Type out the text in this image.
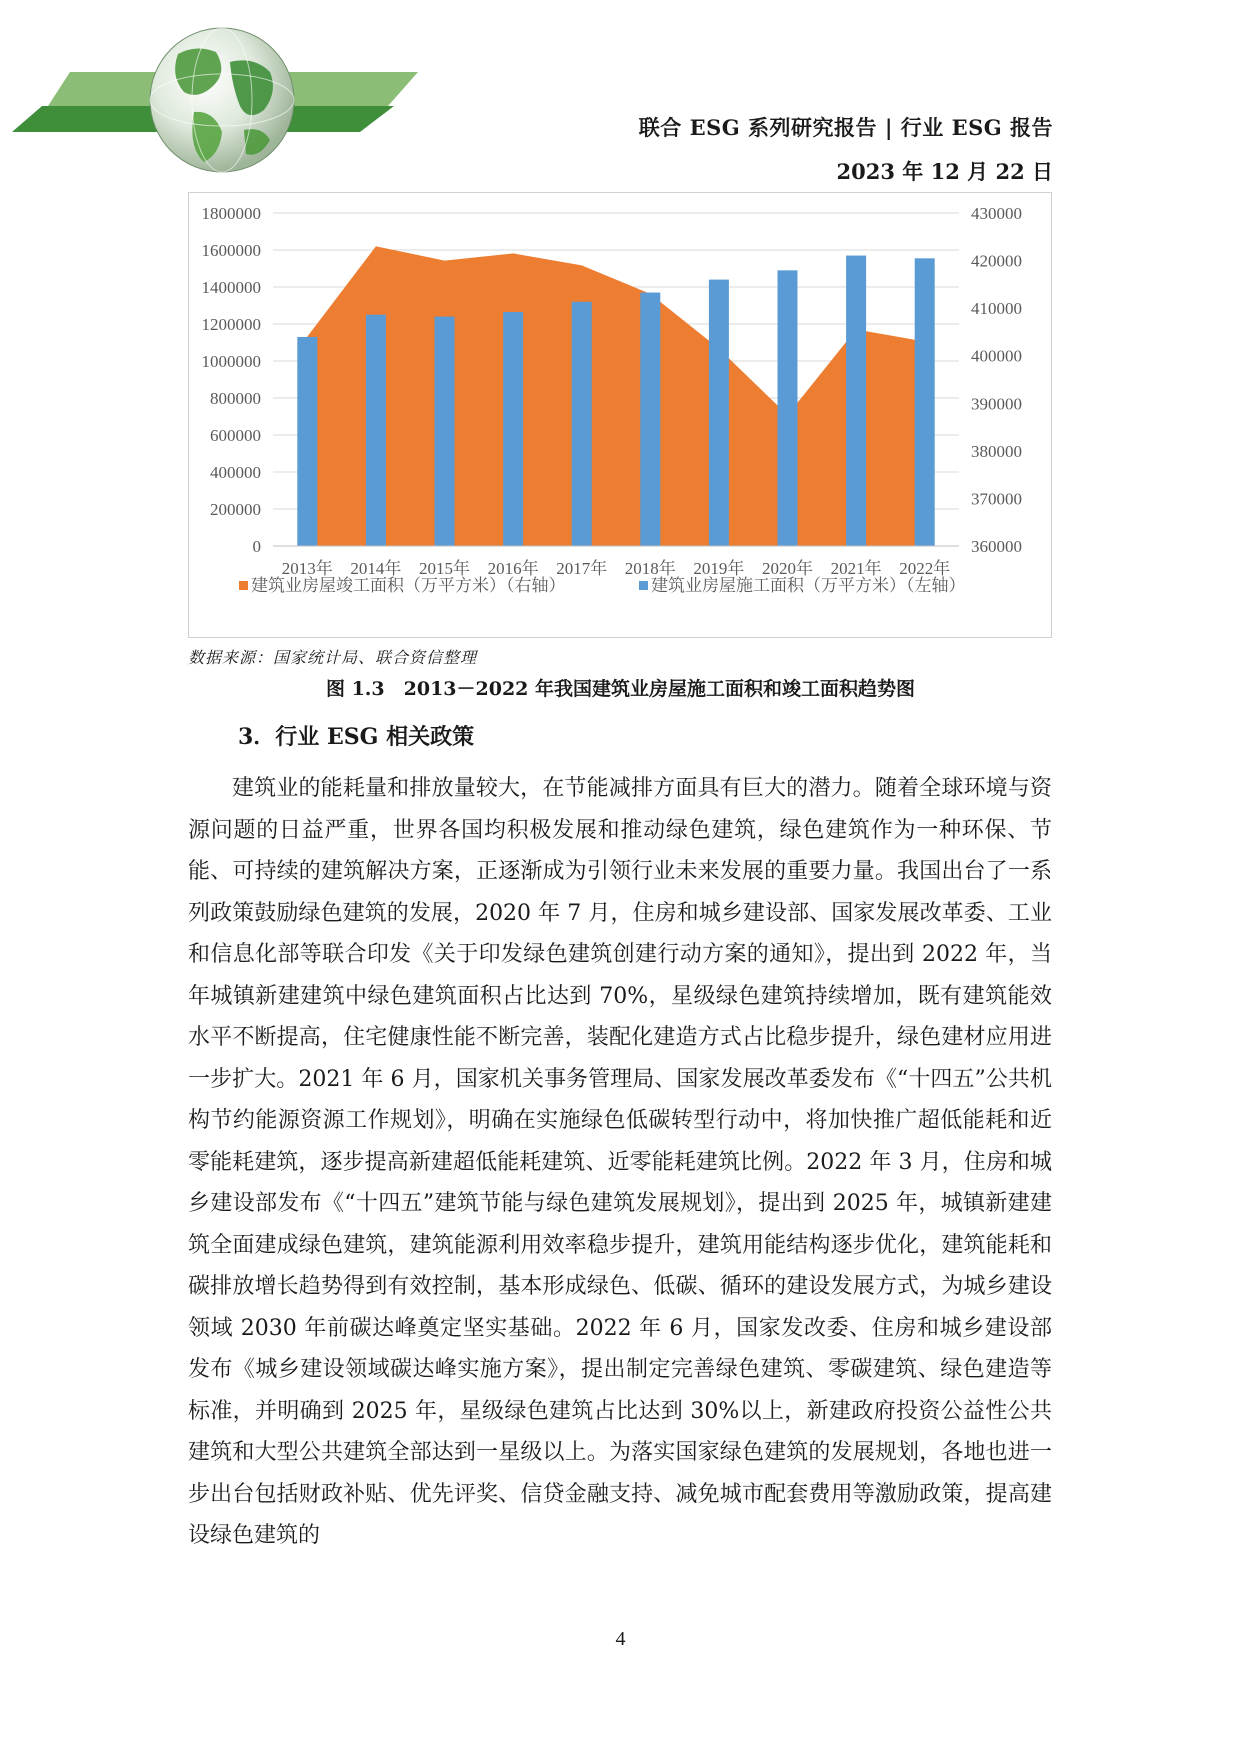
联合 ESG 系列研究报告 | 行业 ESG 报告
2023 年 12 月 22 日
0
200000
400000
600000
800000
1000000
1200000
1400000
1600000
1800000
360000
370000
380000
390000
400000
410000
420000
430000
2013年 2014年 2015年 2016年 2017年 2018年 2019年 2020年 2021年 2022年
建筑业房屋竣工面积（万平方米）（右轴）	建筑业房屋施工面积（万平方米）（左轴）
数据来源：国家统计局、联合资信整理
图 1.3　2013－2022 年我国建筑业房屋施工面积和竣工面积趋势图
3．行业 ESG 相关政策

建筑业的能耗量和排放量较大，在节能减排方面具有巨大的潜力。随着全球环境与资源问题的日益严重，世界各国均积极发展和推动绿色建筑，绿色建筑作为一种环保、节能、可持续的建筑解决方案，正逐渐成为引领行业未来发展的重要力量。我国出台了一系列政策鼓励绿色建筑的发展，2020 年 7 月，住房和城乡建设部、国家发展改革委、工业和信息化部等联合印发《关于印发绿色建筑创建行动方案的通知》，提出到 2022 年，当年城镇新建建筑中绿色建筑面积占比达到 70%，星级绿色建筑持续增加，既有建筑能效水平不断提高，住宅健康性能不断完善，装配化建造方式占比稳步提升，绿色建材应用进一步扩大。2021 年 6 月，国家机关事务管理局、国家发展改革委发布《“十四五”公共机构节约能源资源工作规划》，明确在实施绿色低碳转型行动中，将加快推广超低能耗和近零能耗建筑，逐步提高新建超低能耗建筑、近零能耗建筑比例。2022 年 3 月，住房和城乡建设部发布《“十四五”建筑节能与绿色建筑发展规划》，提出到 2025 年，城镇新建建筑全面建成绿色建筑，建筑能源利用效率稳步提升，建筑用能结构逐步优化，建筑能耗和碳排放增长趋势得到有效控制，基本形成绿色、低碳、循环的建设发展方式，为城乡建设领域 2030 年前碳达峰奠定坚实基础。2022 年 6 月，国家发改委、住房和城乡建设部发布《城乡建设领域碳达峰实施方案》，提出制定完善绿色建筑、零碳建筑、绿色建造等标准，并明确到 2025 年，星级绿色建筑占比达到 30%以上，新建政府投资公益性公共建筑和大型公共建筑全部达到一星级以上。为落实国家绿色建筑的发展规划，各地也进一步出台包括财政补贴、优先评奖、信贷金融支持、减免城市配套费用等激励政策，提高建设绿色建筑的

4
